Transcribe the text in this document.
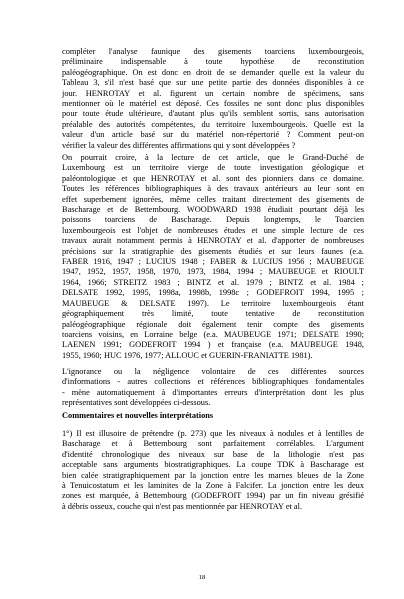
compléter l'analyse faunique des gisements toarciens luxembourgeois,
préliminaire indispensable à toute hypothèse de reconstitution
paléogéographique. On est donc en droit de se demander quelle est la valeur du
Tableau 3, s'il n'est basé que sur une petite partie des données disponibles à ce
jour. HENROTAY et al. figurent un certain nombre de spécimens, sans
mentionner où le matériel est déposé. Ces fossiles ne sont donc plus disponibles
pour toute étude ultérieure, d'autant plus qu'ils semblent sortis, sans autorisation
préalable des autorités compétentes, du territoire luxembourgeois. Quelle est la
valeur d'un article basé sur du matériel non-répertorié ? Comment peut-on
vérifier la valeur des différentes affirmations qui y sont développées ?
On pourrait croire, à la lecture de cet article, que le Grand-Duché de
Luxembourg est un territoire vierge de toute investigation géologique et
paléontologique et que HENROTAY et al. sont des pionniers dans ce domaine.
Toutes les références bibliographiques à des travaux antérieurs au leur sont en
effet superbement ignorées, même celles traitant directement des gisements de
Bascharage et de Bettembourg. WOODWARD 1938 étudiait pourtant déjà les
poissons toarciens de Bascharage. Depuis longtemps, le Toarcien
luxembourgeois est l'objet de nombreuses études et une simple lecture de ces
travaux aurait notamment permis à HENROTAY et al. d'apporter de nombreuses
précisions sur la stratigraphie des gisements étudiés et sur leurs faunes (e.a.
FABER 1916, 1947 ; LUCIUS 1948 ; FABER & LUCIUS 1956 ; MAUBEUGE
1947, 1952, 1957, 1958, 1970, 1973, 1984, 1994 ; MAUBEUGE et RIOULT
1964, 1966; STREITZ 1983 ; BINTZ et al. 1979 ; BINTZ et al. 1984 ;
DELSATE 1992, 1995, 1998a, 1998b, 1998c ; GODEFROIT 1994, 1995 ;
MAUBEUGE & DELSATE 1997). Le territoire luxembourgeois étant
géographiquement très limité, toute tentative de reconstitution
paléogéographique régionale doit également tenir compte des gisements
toarciens voisins, en Lorraine belge (e.a. MAUBEUGE 1971; DELSATE 1990;
LAENEN 1991; GODEFROIT 1994 ) et française (e.a. MAUBEUGE 1948,
1955, 1960; HUC 1976, 1977; ALLOUC et GUERIN-FRANIATTE 1981).
L'ignorance ou la négligence volontaire de ces différentes sources
d'informations - autres collections et références bibliographiques fondamentales
- mène automatiquement à d'importantes erreurs d'interprétation dont les plus
représentatives sont développées ci-dessous.
Commentaires et nouvelles interprétations
1°) Il est illusoire de prétendre (p. 273) que les niveaux à nodules et à lentilles de
Bascharage et à Bettembourg sont parfaitement corrélables. L'argument
d'identité chronologique des niveaux sur base de la lithologie n'est pas
acceptable sans arguments biostratigraphiques. La coupe TDK à Bascharage est
bien calée stratigraphiquement par la jonction entre les marnes bleues de la Zone
à Tenuicostatum et les laminites de la Zone à Falcifer. La jonction entre les deux
zones est marquée, à Bettembourg (GODEFROIT 1994) par un fin niveau grésifié
à débris osseux, couche qui n'est pas mentionnée par HENROTAY et al.
18
